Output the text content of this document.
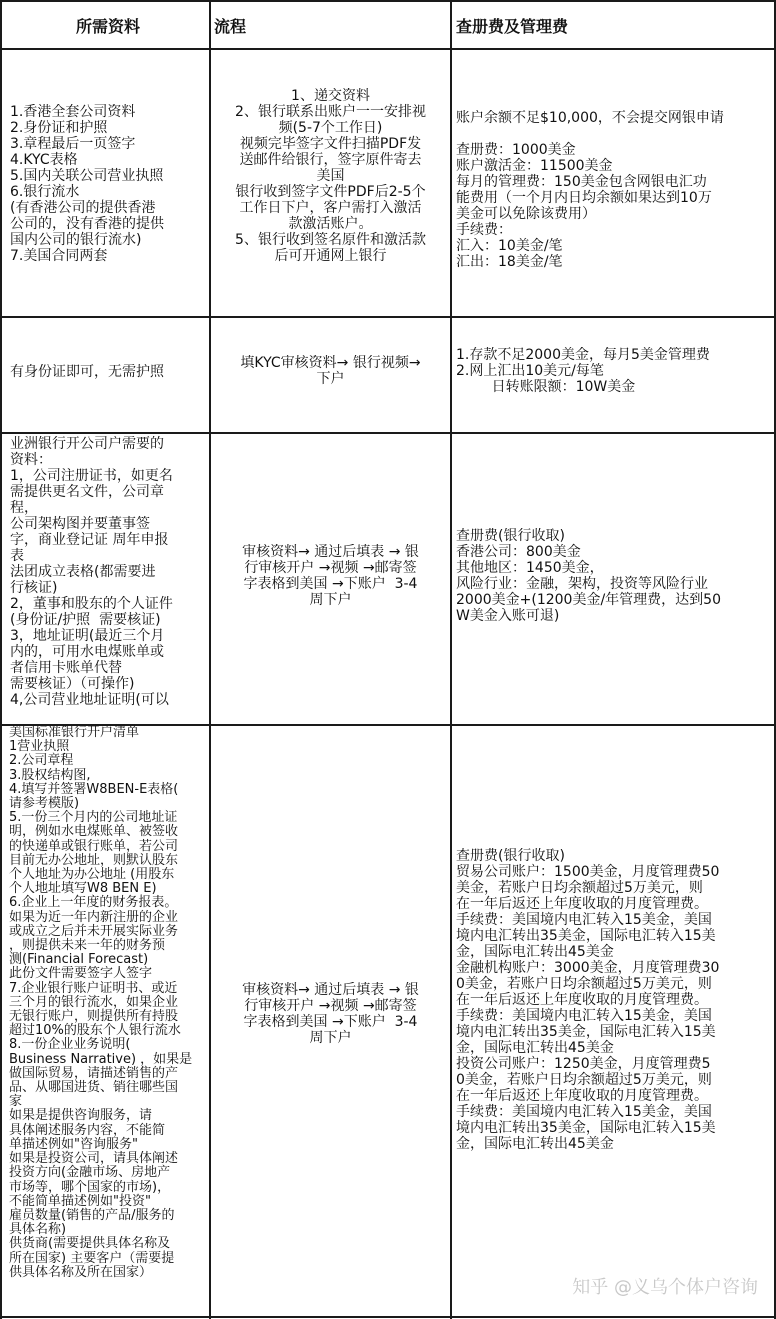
所需资料	流程	查册费及管理费
1.香港全套公司资料
2.身份证和护照
3.章程最后一页签字
4.KYC表格
5.国内关联公司营业执照
6.银行流水
(有香港公司的提供香港
公司的，没有香港的提供
国内公司的银行流水)
7.美国合同两套
1、递交资料
2、银行联系出账户一一安排视
频(5-7个工作日)
视频完毕签字文件扫描PDF发
送邮件给银行，签字原件寄去
美国
银行收到签字文件PDF后2-5个
工作日下户，客户需打入激活
款激活账户。
5、银行收到签名原件和激活款
后可开通网上银行
账户余额不足$10,000，不会提交网银申请

查册费：1000美金
账户激活金：11500美金
每月的管理费：150美金包含网银电汇功
能费用（一个月内日均余额如果达到10万
美金可以免除该费用）
手续费：
汇入：10美金/笔
汇出：18美金/笔
有身份证即可，无需护照
填KYC审核资料→ 银行视频→
下户
1.存款不足2000美金，每月5美金管理费
2.网上汇出10美元/每笔
日转账限额：10W美金
业洲银行开公司户需要的
资料：
1，公司注册证书，如更名
需提供更名文件，公司章
程，
公司架构图并要董事签
字，商业登记证 周年申报
表
法团成立表格(都需要进
行核证)
2，董事和股东的个人证件
(身份证/护照  需要核证)
3，地址证明(最近三个月
内的，可用水电煤账单或
者信用卡账单代替
需要核证）（可操作)
4,公司营业地址证明(可以
审核资料→ 通过后填表 → 银
行审核开户 →视频 →邮寄签
字表格到美国 →下账户  3-4
周下户
查册费(银行收取)
香港公司：800美金
其他地区：1450美金，
风险行业：金融，架构，投资等风险行业
2000美金+(1200美金/年管理费，达到50
W美金入账可退)
美国标准银行开户清单
1营业执照
2.公司章程
3.股权结构图,
4.填写并签署W8BEN-E表格(
请参考模版)
5.一份三个月内的公司地址证
明，例如水电煤账单、被签收
的快递单或银行账单，若公司
目前无办公地址，则默认股东
个人地址为办公地址 (用股东
个人地址填写W8 BEN E)
6.企业上一年度的财务报表。
如果为近一年内新注册的企业
或成立之后并未开展实际业务
，则提供未来一年的财务预
测(Financial Forecast)
此份文件需要签字人签字
7.企业银行账户证明书、或近
三个月的银行流水，如果企业
无银行账户，则提供所有持股
超过10%的股东个人银行流水
8.一份企业业务说明(
Business Narrative) ，如果是
做国际贸易，请描述销售的产
品、从哪国进货、销往哪些国
家
如果是提供咨询服务，请
具体阐述服务内容，不能简
单描述例如"咨询服务"
如果是投资公司，请具体阐述
投资方向(金融市场、房地产
市场等，哪个国家的市场)，
不能简单描述例如"投资"
雇员数量(销售的产品/服务的
具体名称)
供货商(需要提供具体名称及
所在国家) 主要客户（需要提
供具体名称及所在国家）
审核资料→ 通过后填表 → 银
行审核开户 →视频 →邮寄签
字表格到美国 →下账户  3-4
周下户
查册费(银行收取)
贸易公司账户：1500美金，月度管理费50
美金，若账户日均余额超过5万美元，则
在一年后返还上年度收取的月度管理费。
手续费：美国境内电汇转入15美金，美国
境内电汇转出35美金，国际电汇转入15美
金，国际电汇转出45美金
金融机构账户：3000美金，月度管理费30
0美金，若账户日均余额超过5万美元，则
在一年后返还上年度收取的月度管理费。
手续费：美国境内电汇转入15美金，美国
境内电汇转出35美金，国际电汇转入15美
金，国际电汇转出45美金
投资公司账户：1250美金，月度管理费5
0美金，若账户日均余额超过5万美元，则
在一年后返还上年度收取的月度管理费。
手续费：美国境内电汇转入15美金，美国
境内电汇转出35美金，国际电汇转入15美
金，国际电汇转出45美金
知乎 @义乌个体户咨询
